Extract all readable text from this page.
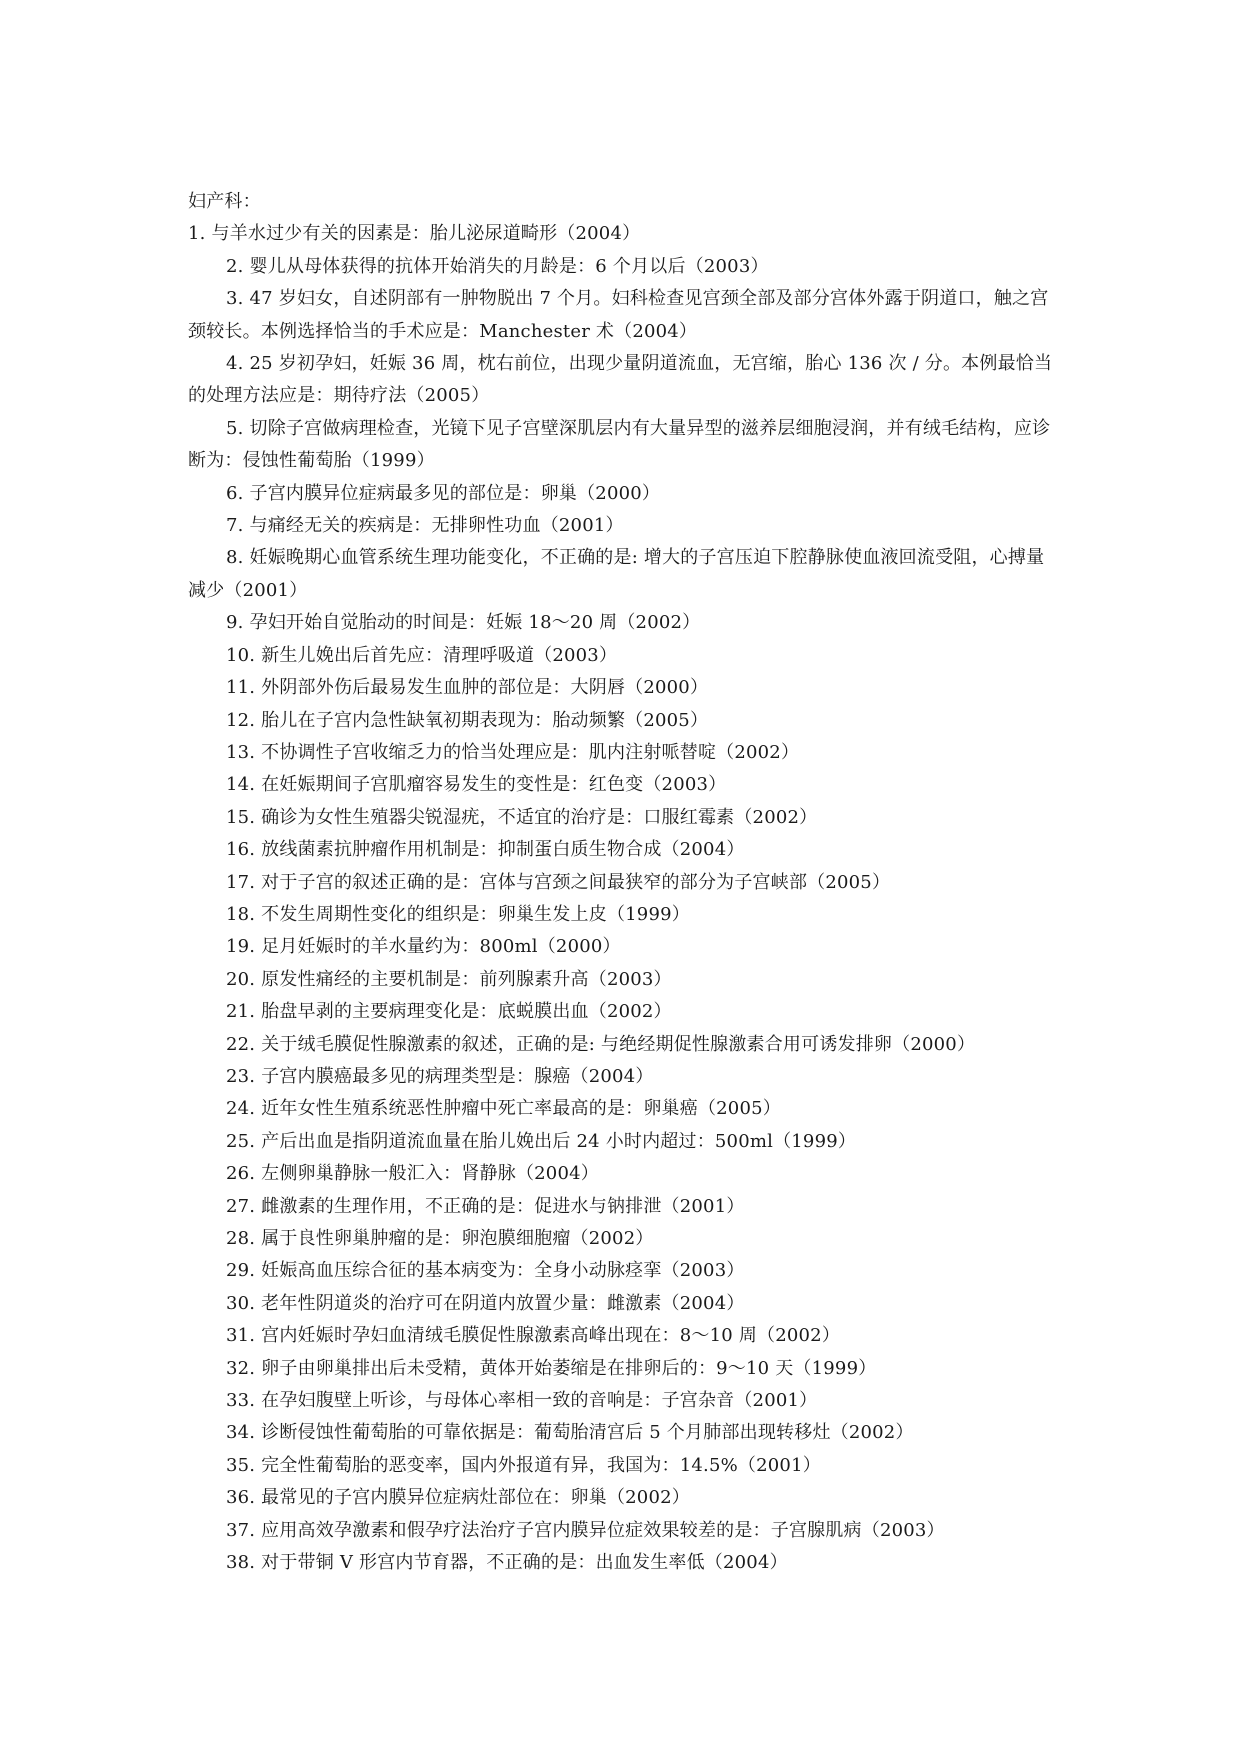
妇产科：

1. 与羊水过少有关的因素是：胎儿泌尿道畸形（2004）

2. 婴儿从母体获得的抗体开始消失的月龄是：6 个月以后（2003）

3. 47 岁妇女，自述阴部有一肿物脱出 7 个月。妇科检查见宫颈全部及部分宫体外露于阴道口，触之宫颈较长。本例选择恰当的手术应是：Manchester 术（2004）

4. 25 岁初孕妇，妊娠 36 周，枕右前位，出现少量阴道流血，无宫缩，胎心 136 次 / 分。本例最恰当的处理方法应是：期待疗法（2005）

5. 切除子宫做病理检查，光镜下见子宫壁深肌层内有大量异型的滋养层细胞浸润，并有绒毛结构，应诊断为：侵蚀性葡萄胎（1999）

6. 子宫内膜异位症病最多见的部位是：卵巢（2000）

7. 与痛经无关的疾病是：无排卵性功血（2001）

8. 妊娠晚期心血管系统生理功能变化，不正确的是: 增大的子宫压迫下腔静脉使血液回流受阻，心搏量减少（2001）

9. 孕妇开始自觉胎动的时间是：妊娠 18～20 周（2002）

10. 新生儿娩出后首先应：清理呼吸道（2003）

11. 外阴部外伤后最易发生血肿的部位是：大阴唇（2000）

12. 胎儿在子宫内急性缺氧初期表现为：胎动频繁（2005）

13. 不协调性子宫收缩乏力的恰当处理应是：肌内注射哌替啶（2002）

14. 在妊娠期间子宫肌瘤容易发生的变性是：红色变（2003）

15. 确诊为女性生殖器尖锐湿疣，不适宜的治疗是：口服红霉素（2002）

16. 放线菌素抗肿瘤作用机制是：抑制蛋白质生物合成（2004）

17. 对于子宫的叙述正确的是：宫体与宫颈之间最狭窄的部分为子宫峡部（2005）

18. 不发生周期性变化的组织是：卵巢生发上皮（1999）

19. 足月妊娠时的羊水量约为：800ml（2000）

20. 原发性痛经的主要机制是：前列腺素升高（2003）

21. 胎盘早剥的主要病理变化是：底蜕膜出血（2002）

22. 关于绒毛膜促性腺激素的叙述，正确的是: 与绝经期促性腺激素合用可诱发排卵（2000）

23. 子宫内膜癌最多见的病理类型是：腺癌（2004）

24. 近年女性生殖系统恶性肿瘤中死亡率最高的是：卵巢癌（2005）

25. 产后出血是指阴道流血量在胎儿娩出后 24 小时内超过：500ml（1999）

26. 左侧卵巢静脉一般汇入：肾静脉（2004）

27. 雌激素的生理作用，不正确的是：促进水与钠排泄（2001）

28. 属于良性卵巢肿瘤的是：卵泡膜细胞瘤（2002）

29. 妊娠高血压综合征的基本病变为：全身小动脉痉挛（2003）

30. 老年性阴道炎的治疗可在阴道内放置少量：雌激素（2004）

31. 宫内妊娠时孕妇血清绒毛膜促性腺激素高峰出现在：8～10 周（2002）

32. 卵子由卵巢排出后未受精，黄体开始萎缩是在排卵后的：9～10 天（1999）

33. 在孕妇腹壁上听诊，与母体心率相一致的音响是：子宫杂音（2001）

34. 诊断侵蚀性葡萄胎的可靠依据是：葡萄胎清宫后 5 个月肺部出现转移灶（2002）

35. 完全性葡萄胎的恶变率，国内外报道有异，我国为：14.5%（2001）

36. 最常见的子宫内膜异位症病灶部位在：卵巢（2002）

37. 应用高效孕激素和假孕疗法治疗子宫内膜异位症效果较差的是：子宫腺肌病（2003）

38. 对于带铜 V 形宫内节育器，不正确的是：出血发生率低（2004）
